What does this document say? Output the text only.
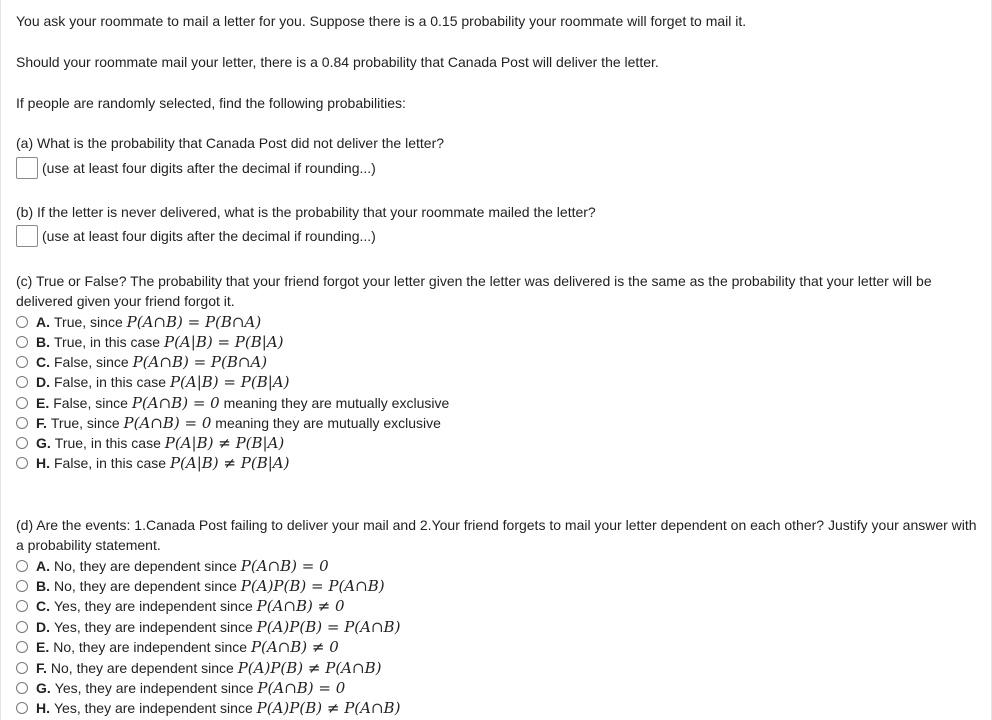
You ask your roommate to mail a letter for you. Suppose there is a 0.15 probability your roommate will forget to mail it.
Should your roommate mail your letter, there is a 0.84 probability that Canada Post will deliver the letter.
If people are randomly selected, find the following probabilities:
(a) What is the probability that Canada Post did not deliver the letter?
(use at least four digits after the decimal if rounding...)
(b) If the letter is never delivered, what is the probability that your roommate mailed the letter?
(use at least four digits after the decimal if rounding...)
(c) True or False? The probability that your friend forgot your letter given the letter was delivered is the same as the probability that your letter will be delivered given your friend forgot it.
A. True, since
P(A∩B) = P(B∩A)
B. True, in this case
P(A|B) = P(B|A)
C. False, since
P(A∩B) = P(B∩A)
D. False, in this case
P(A|B) = P(B|A)
E. False, since
P(A∩B) = 0
meaning they are mutually exclusive
F. True, since
P(A∩B) = 0
meaning they are mutually exclusive
G. True, in this case
P(A|B) ≠ P(B|A)
H. False, in this case
P(A|B) ≠ P(B|A)
(d) Are the events: 1.Canada Post failing to deliver your mail and 2.Your friend forgets to mail your letter dependent on each other? Justify your answer with a probability statement.
A. No, they are dependent since
P(A∩B) = 0
B. No, they are dependent since
P(A)P(B) = P(A∩B)
C. Yes, they are independent since
P(A∩B) ≠ 0
D. Yes, they are independent since
P(A)P(B) = P(A∩B)
E. No, they are independent since
P(A∩B) ≠ 0
F. No, they are dependent since
P(A)P(B) ≠ P(A∩B)
G. Yes, they are independent since
P(A∩B) = 0
H. Yes, they are independent since
P(A)P(B) ≠ P(A∩B)
